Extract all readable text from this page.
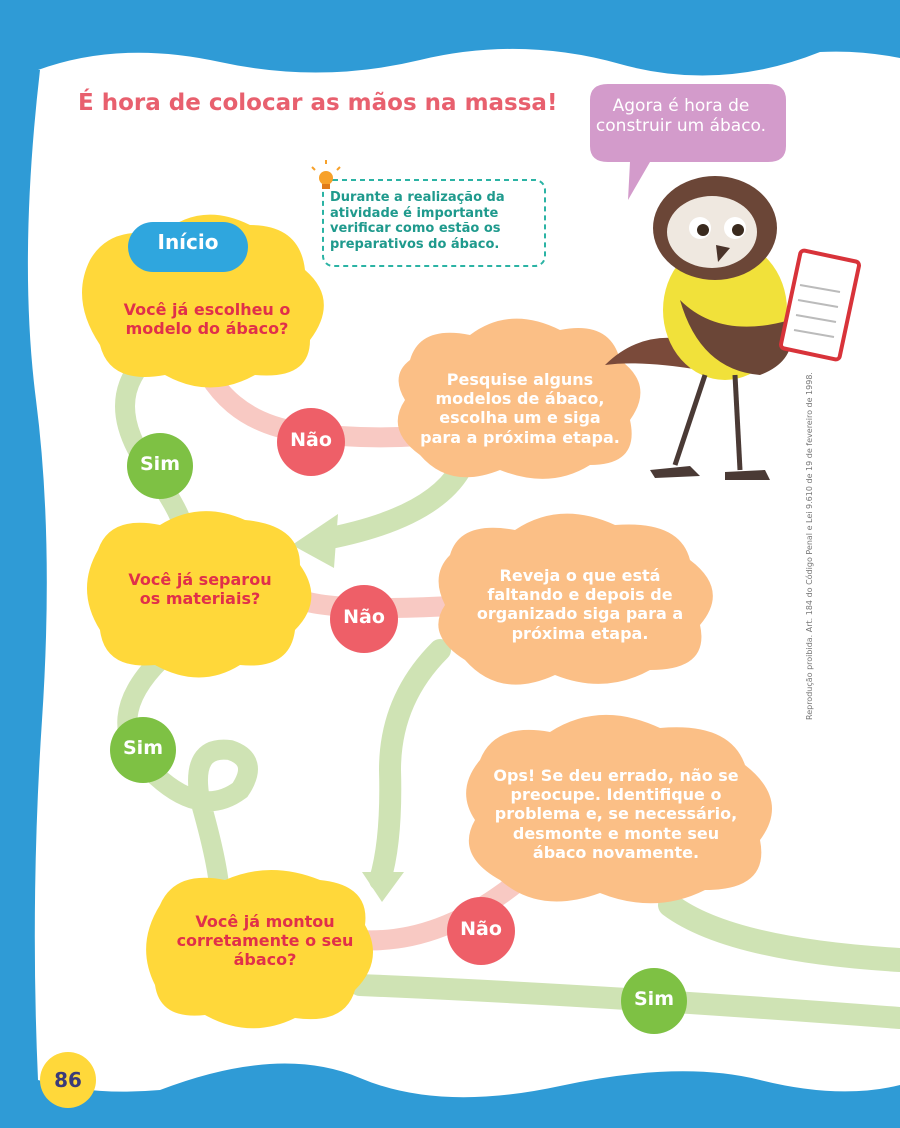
É hora de colocar as mãos na massa!	Agora é hora de
construir um ábaco.
Durante a realização da
atividade é importante
verificar como estão os
preparativos do ábaco.
Início
Você já escolheu o
modelo do ábaco?
Você já separou
os materiais?
Você já montou
corretamente o seu
ábaco?
Pesquise alguns
modelos de ábaco,
escolha um e siga
para a próxima etapa.
Reveja o que está
faltando e depois de
organizado siga para a
próxima etapa.
Ops! Se deu errado, não se
preocupe. Identifique o
problema e, se necessário,
desmonte e monte seu
ábaco novamente.
Não
Não
Não
Sim
Sim
Sim
86
Reprodução proibida. Art. 184 do Código Penal e Lei 9.610 de 19 de fevereiro de 1998.
